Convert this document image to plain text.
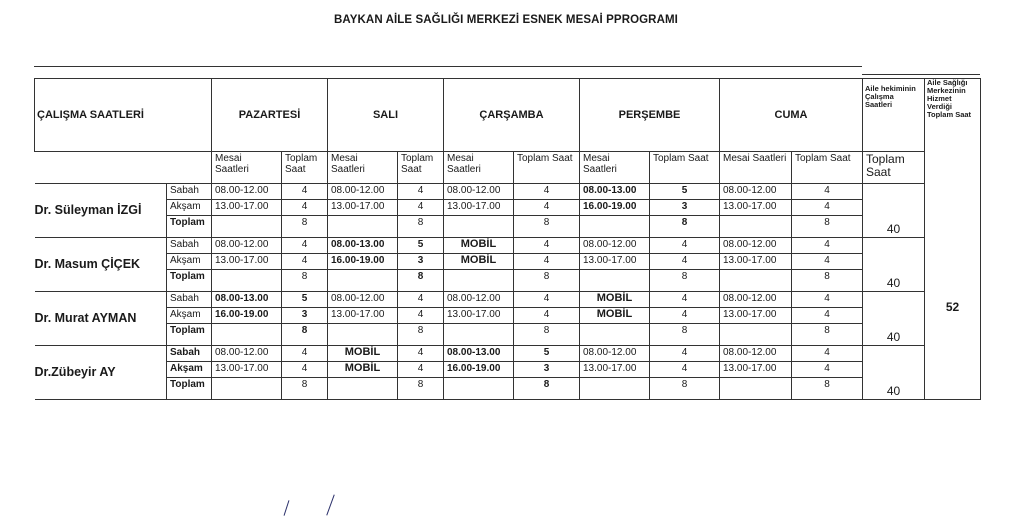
BAYKAN AİLE SAĞLIĞI MERKEZİ ESNEK MESAİ PPROGRAMI
ÇALIŞMA SAATLERİ		PAZARTESİ		SALI		ÇARŞAMBA		PERŞEMBE		CUMA		Aile hekiminin Çalışma Saatleri	Aile Sağlığı Merkezinin Hizmet Verdiği Toplam Saat
52

		Mesai Saatleri	Toplam Saat	Mesai Saatleri	Toplam Saat	Mesai Saatleri	Toplam Saat	Mesai Saatleri	Toplam Saat	Mesai Saatleri	Toplam Saat	Toplam Saat	
Dr. Süleyman İZGİ	Sabah	08.00-12.00	4	08.00-12.00	4	08.00-12.00	4	08.00-13.00	5	08.00-12.00	4	40	
	Akşam	13.00-17.00	4	13.00-17.00	4	13.00-17.00	4	16.00-19.00	3	13.00-17.00	4		
	Toplam		8		8		8		8		8		
Dr. Masum ÇİÇEK	Sabah	08.00-12.00	4	08.00-13.00	5	MOBİL	4	08.00-12.00	4	08.00-12.00	4	40	
	Akşam	13.00-17.00	4	16.00-19.00	3	MOBİL	4	13.00-17.00	4	13.00-17.00	4		
	Toplam		8		8		8		8		8		
Dr. Murat AYMAN	Sabah	08.00-13.00	5	08.00-12.00	4	08.00-12.00	4	MOBİL	4	08.00-12.00	4	40	
	Akşam	16.00-19.00	3	13.00-17.00	4	13.00-17.00	4	MOBİL	4	13.00-17.00	4		
	Toplam		8		8		8		8		8		
Dr.Zübeyir AY	Sabah	08.00-12.00	4	MOBİL	4	08.00-13.00	5	08.00-12.00	4	08.00-12.00	4	40	
	Akşam	13.00-17.00	4	MOBİL	4	16.00-19.00	3	13.00-17.00	4	13.00-17.00	4		
	Toplam		8		8		8		8		8		
